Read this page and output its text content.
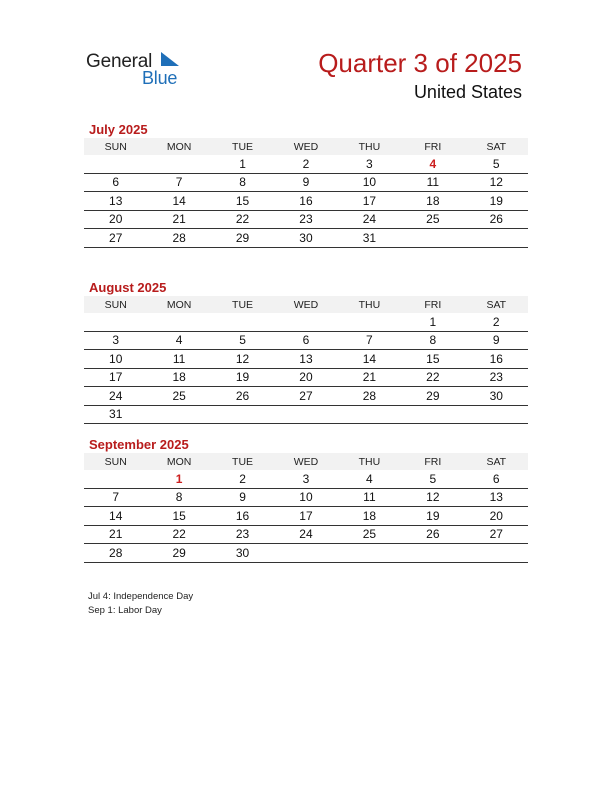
General
Blue	Quarter 3 of 2025
United States
July 2025
SUN	MON	TUE	WED	THU	FRI	SAT
		1	2	3	4	5
6	7	8	9	10	11	12
13	14	15	16	17	18	19
20	21	22	23	24	25	26
27	28	29	30	31		
August 2025
SUN	MON	TUE	WED	THU	FRI	SAT
					1	2
3	4	5	6	7	8	9
10	11	12	13	14	15	16
17	18	19	20	21	22	23
24	25	26	27	28	29	30
31						
September 2025
SUN	MON	TUE	WED	THU	FRI	SAT
	1	2	3	4	5	6
7	8	9	10	11	12	13
14	15	16	17	18	19	20
21	22	23	24	25	26	27
28	29	30				
Jul 4: Independence Day
Sep 1: Labor Day
